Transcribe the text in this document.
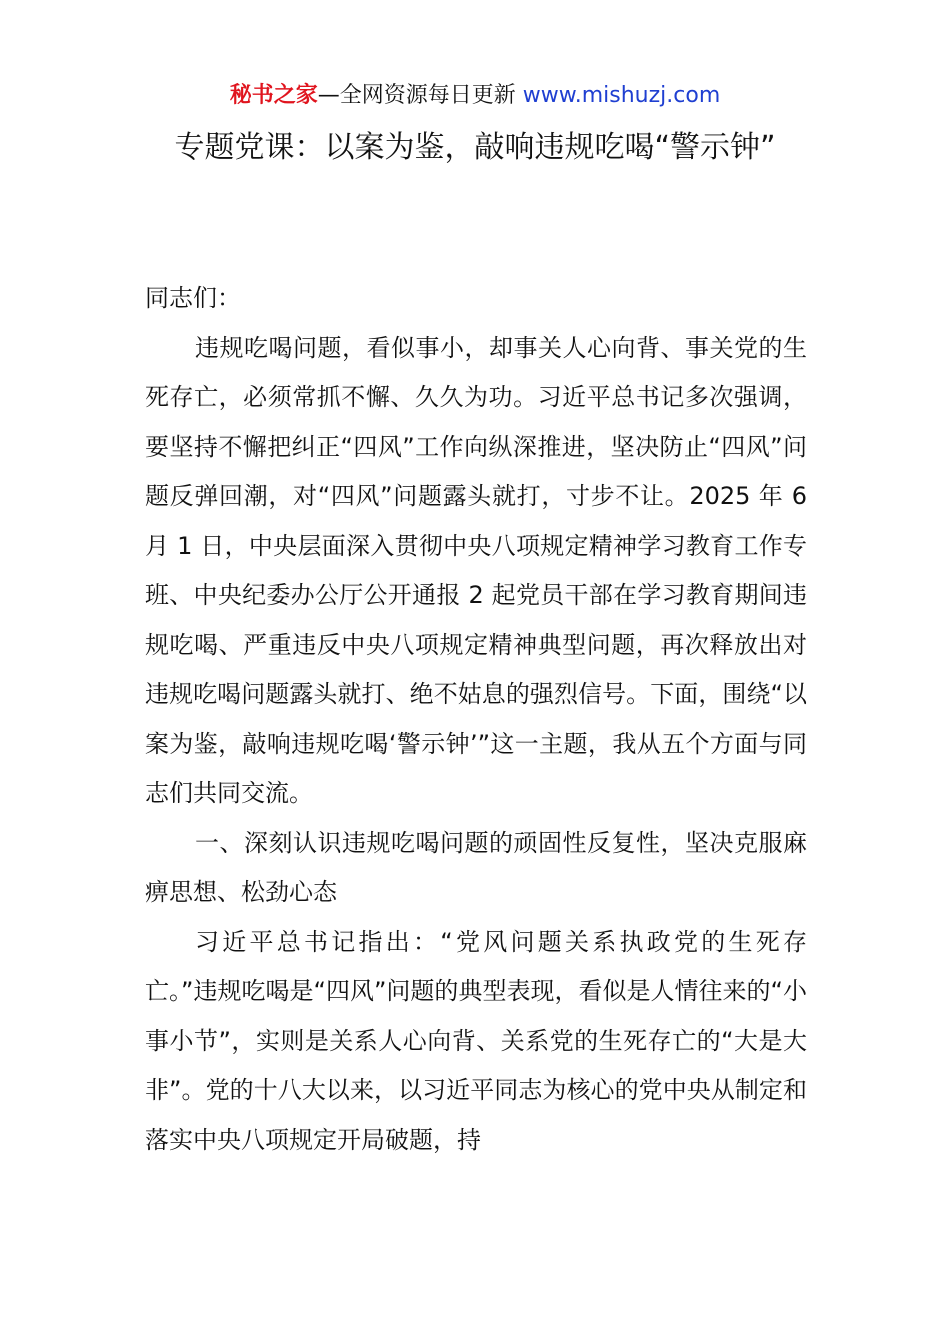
秘书之家—全网资源每日更新 www.mishuzj.com
专题党课：以案为鉴，敲响违规吃喝“警示钟”

同志们：

违规吃喝问题，看似事小，却事关人心向背、事关党的生死存亡，必须常抓不懈、久久为功。习近平总书记多次强调，要坚持不懈把纠正“四风”工作向纵深推进，坚决防止“四风”问题反弹回潮，对“四风”问题露头就打，寸步不让。2025 年 6 月 1 日，中央层面深入贯彻中央八项规定精神学习教育工作专班、中央纪委办公厅公开通报 2 起党员干部在学习教育期间违规吃喝、严重违反中央八项规定精神典型问题，再次释放出对违规吃喝问题露头就打、绝不姑息的强烈信号。下面，围绕“以案为鉴，敲响违规吃喝‘警示钟’”这一主题，我从五个方面与同志们共同交流。

一、深刻认识违规吃喝问题的顽固性反复性，坚决克服麻痹思想、松劲心态

习近平总书记指出：“党风问题关系执政党的生死存亡。”违规吃喝是“四风”问题的典型表现，看似是人情往来的“小事小节”，实则是关系人心向背、关系党的生死存亡的“大是大非”。党的十八大以来，以习近平同志为核心的党中央从制定和落实中央八项规定开局破题，持
